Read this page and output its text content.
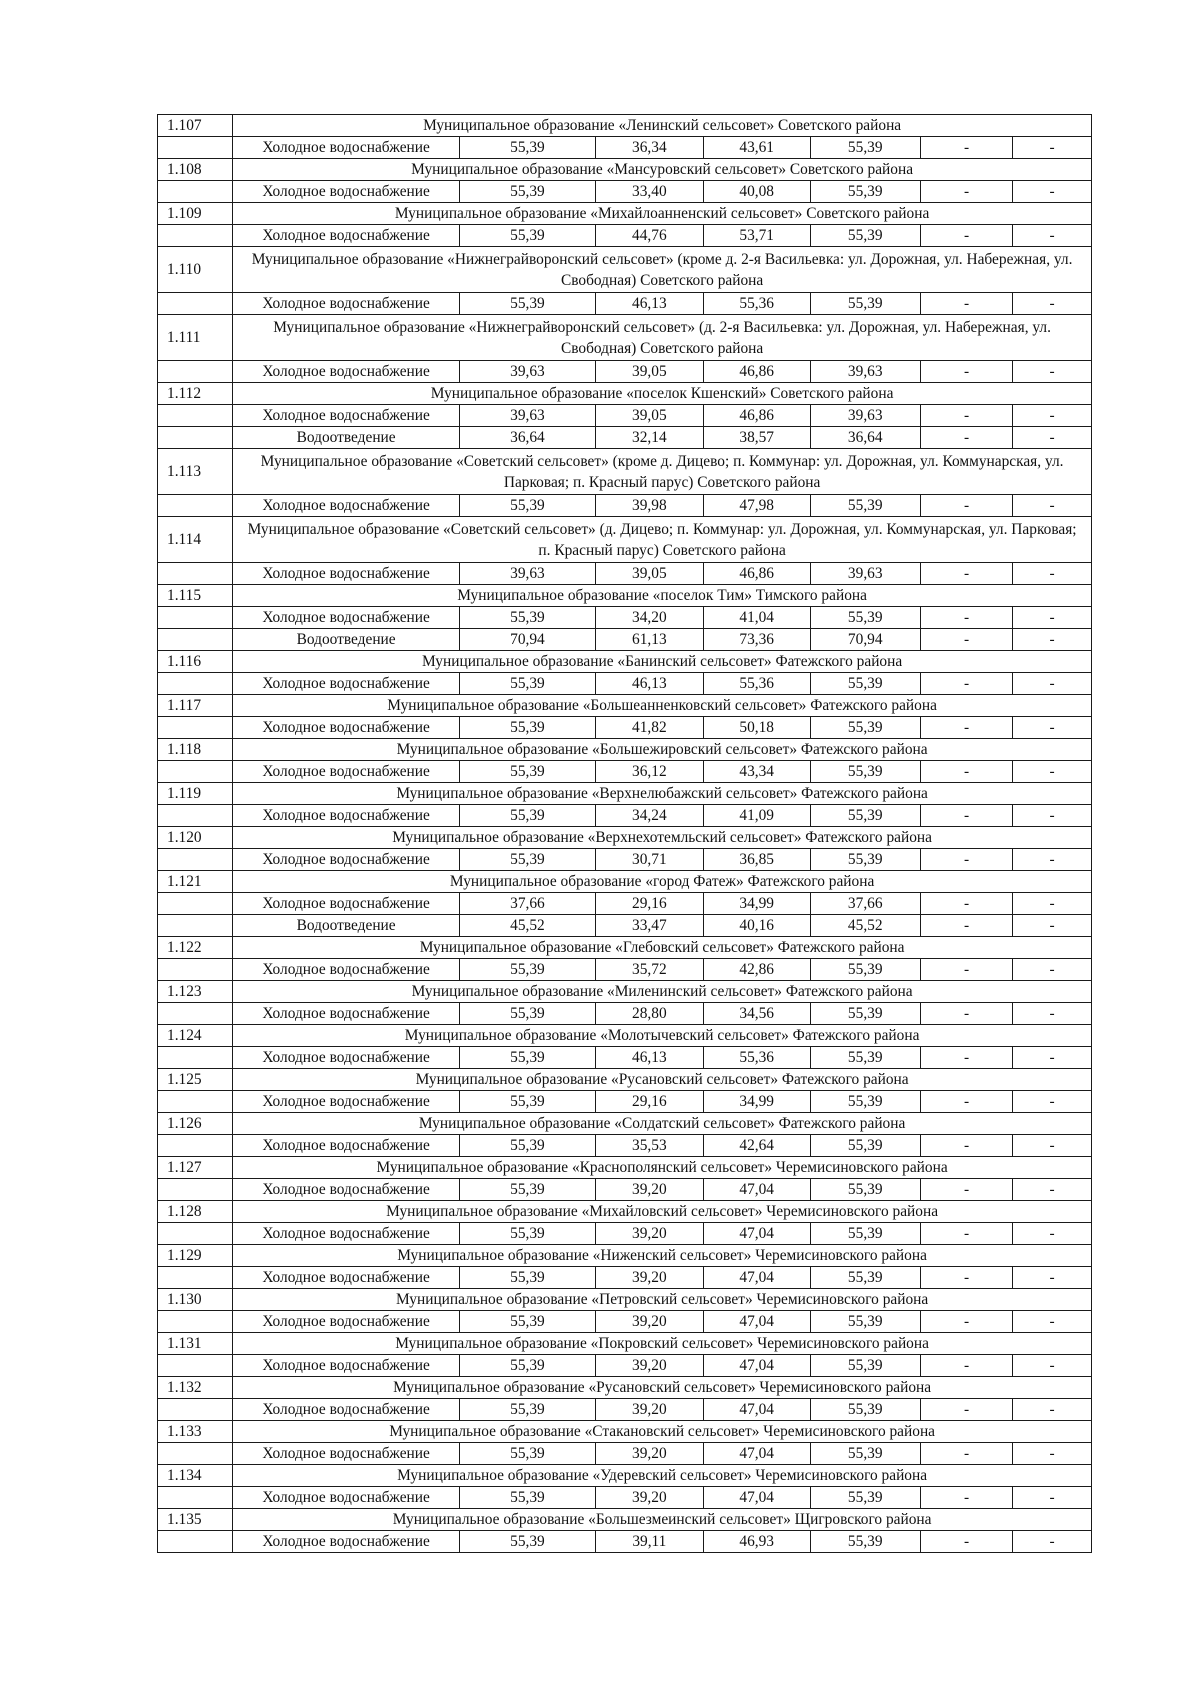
1.107	Муниципальное образование «Ленинский сельсовет» Советского района						
	Холодное водоснабжение	55,39	36,34	43,61	55,39	-	-
1.108	Муниципальное образование «Мансуровский сельсовет» Советского района						
	Холодное водоснабжение	55,39	33,40	40,08	55,39	-	-
1.109	Муниципальное образование «Михайлоанненский сельсовет» Советского района						
	Холодное водоснабжение	55,39	44,76	53,71	55,39	-	-
1.110	Муниципальное образование «Нижнеграйворонский сельсовет» (кроме д. 2-я Васильевка: ул. Дорожная, ул. Набережная, ул. Свободная) Советского района						
	Холодное водоснабжение	55,39	46,13	55,36	55,39	-	-
1.111	Муниципальное образование «Нижнеграйворонский сельсовет» (д. 2-я Васильевка: ул. Дорожная, ул. Набережная, ул. Свободная) Советского района						
	Холодное водоснабжение	39,63	39,05	46,86	39,63	-	-
1.112	Муниципальное образование «поселок Кшенский» Советского района						
	Холодное водоснабжение	39,63	39,05	46,86	39,63	-	-
	Водоотведение	36,64	32,14	38,57	36,64	-	-
1.113	Муниципальное образование «Советский сельсовет» (кроме д. Дицево; п. Коммунар: ул. Дорожная, ул. Коммунарская, ул. Парковая; п. Красный парус) Советского района						
	Холодное водоснабжение	55,39	39,98	47,98	55,39	-	-
1.114	Муниципальное образование «Советский сельсовет» (д. Дицево; п. Коммунар: ул. Дорожная, ул. Коммунарская, ул. Парковая; п. Красный парус) Советского района						
	Холодное водоснабжение	39,63	39,05	46,86	39,63	-	-
1.115	Муниципальное образование «поселок Тим» Тимского района						
	Холодное водоснабжение	55,39	34,20	41,04	55,39	-	-
	Водоотведение	70,94	61,13	73,36	70,94	-	-
1.116	Муниципальное образование «Банинский сельсовет» Фатежского района						
	Холодное водоснабжение	55,39	46,13	55,36	55,39	-	-
1.117	Муниципальное образование «Большеанненковский сельсовет» Фатежского района						
	Холодное водоснабжение	55,39	41,82	50,18	55,39	-	-
1.118	Муниципальное образование «Большежировский сельсовет» Фатежского района						
	Холодное водоснабжение	55,39	36,12	43,34	55,39	-	-
1.119	Муниципальное образование «Верхнелюбажский сельсовет» Фатежского района						
	Холодное водоснабжение	55,39	34,24	41,09	55,39	-	-
1.120	Муниципальное образование «Верхнехотемльский сельсовет» Фатежского района						
	Холодное водоснабжение	55,39	30,71	36,85	55,39	-	-
1.121	Муниципальное образование «город Фатеж» Фатежского района						
	Холодное водоснабжение	37,66	29,16	34,99	37,66	-	-
	Водоотведение	45,52	33,47	40,16	45,52	-	-
1.122	Муниципальное образование «Глебовский сельсовет» Фатежского района						
	Холодное водоснабжение	55,39	35,72	42,86	55,39	-	-
1.123	Муниципальное образование «Миленинский сельсовет» Фатежского района						
	Холодное водоснабжение	55,39	28,80	34,56	55,39	-	-
1.124	Муниципальное образование «Молотычевский сельсовет» Фатежского района						
	Холодное водоснабжение	55,39	46,13	55,36	55,39	-	-
1.125	Муниципальное образование «Русановский сельсовет» Фатежского района						
	Холодное водоснабжение	55,39	29,16	34,99	55,39	-	-
1.126	Муниципальное образование «Солдатский сельсовет» Фатежского района						
	Холодное водоснабжение	55,39	35,53	42,64	55,39	-	-
1.127	Муниципальное образование «Краснополянский сельсовет» Черемисиновского района						
	Холодное водоснабжение	55,39	39,20	47,04	55,39	-	-
1.128	Муниципальное образование «Михайловский сельсовет» Черемисиновского района						
	Холодное водоснабжение	55,39	39,20	47,04	55,39	-	-
1.129	Муниципальное образование «Ниженский сельсовет» Черемисиновского района						
	Холодное водоснабжение	55,39	39,20	47,04	55,39	-	-
1.130	Муниципальное образование «Петровский сельсовет» Черемисиновского района						
	Холодное водоснабжение	55,39	39,20	47,04	55,39	-	-
1.131	Муниципальное образование «Покровский сельсовет» Черемисиновского района						
	Холодное водоснабжение	55,39	39,20	47,04	55,39	-	-
1.132	Муниципальное образование «Русановский сельсовет» Черемисиновского района						
	Холодное водоснабжение	55,39	39,20	47,04	55,39	-	-
1.133	Муниципальное образование «Стакановский сельсовет» Черемисиновского района						
	Холодное водоснабжение	55,39	39,20	47,04	55,39	-	-
1.134	Муниципальное образование «Удеревский сельсовет» Черемисиновского района						
	Холодное водоснабжение	55,39	39,20	47,04	55,39	-	-
1.135	Муниципальное образование «Большезмеинский сельсовет» Щигровского района						
	Холодное водоснабжение	55,39	39,11	46,93	55,39	-	-
